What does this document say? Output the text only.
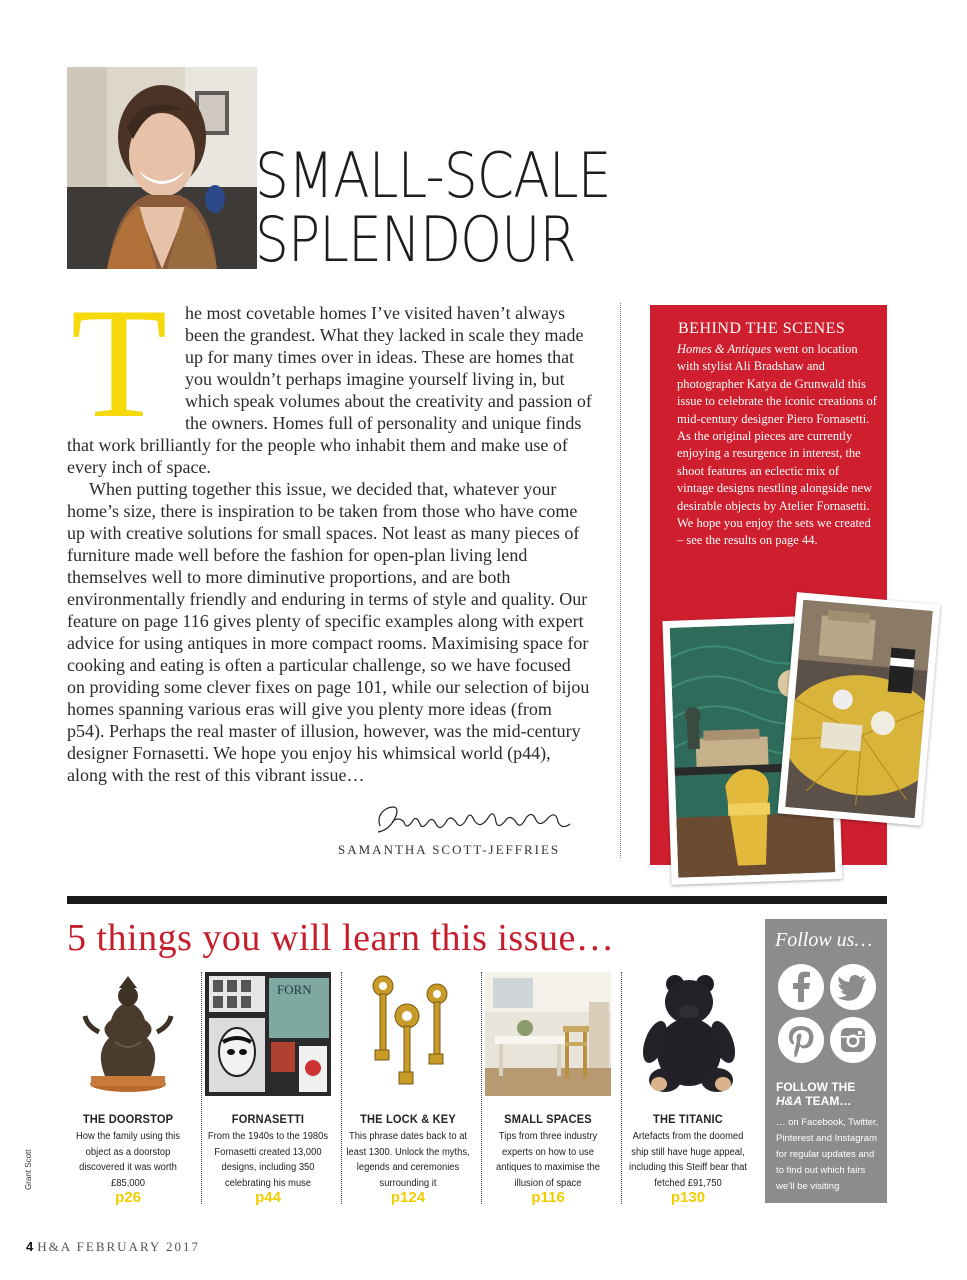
SMALL-SCALE
SPLENDOUR
T he most covetable homes I’ve visited haven’t always been the grandest. What they lacked in scale they made up for many times over in ideas. These are homes that you wouldn’t perhaps imagine yourself living in, but which speak volumes about the creativity and passion of the owners. Homes full of personality and unique finds that work brilliantly for the people who inhabit them and make use of every inch of space.

When putting together this issue, we decided that, whatever your home’s size, there is inspiration to be taken from those who have come up with creative solutions for small spaces. Not least as many pieces of furniture made well before the fashion for open-plan living lend themselves well to more diminutive proportions, and are both environmentally friendly and enduring in terms of style and quality. Our feature on page 116 gives plenty of specific examples along with expert advice for using antiques in more compact rooms. Maximising space for cooking and eating is often a particular challenge, so we have focused on providing some clever fixes on page 101, while our selection of bijou homes spanning various eras will give you plenty more ideas (from p54). Perhaps the real master of illusion, however, was the mid-century designer Fornasetti. We hope you enjoy his whimsical world (p44), along with the rest of this vibrant issue…

SAMANTHA SCOTT-JEFFRIES
BEHIND THE SCENES
Homes & Antiques went on location with stylist Ali Bradshaw and photographer Katya de Grunwald this issue to celebrate the iconic creations of mid-century designer Piero Fornasetti. As the original pieces are currently enjoying a resurgence in interest, the shoot features an eclectic mix of vintage designs nestling alongside new desirable objects by Atelier Fornasetti. We hope you enjoy the sets we created – see the results on page 44.
5 things you will learn this issue…
THE DOORSTOP
How the family using this object as a doorstop discovered it was worth £85,000
p26
FORN
FORNASETTI
From the 1940s to the 1980s Fornasetti created 13,000 designs, including 350 celebrating his muse
p44
THE LOCK & KEY
This phrase dates back to at least 1300. Unlock the myths, legends and ceremonies surrounding it
p124
SMALL SPACES
Tips from three industry experts on how to use antiques to maximise the illusion of space
p116
THE TITANIC
Artefacts from the doomed ship still have huge appeal, including this Steiff bear that fetched £91,750
p130
Follow us…
FOLLOW THE
H&A TEAM…
… on Facebook, Twitter, Pinterest and Instagram for regular updates and to find out which fairs we’ll be visiting
Grant Scott
4 H&A FEBRUARY 2017
